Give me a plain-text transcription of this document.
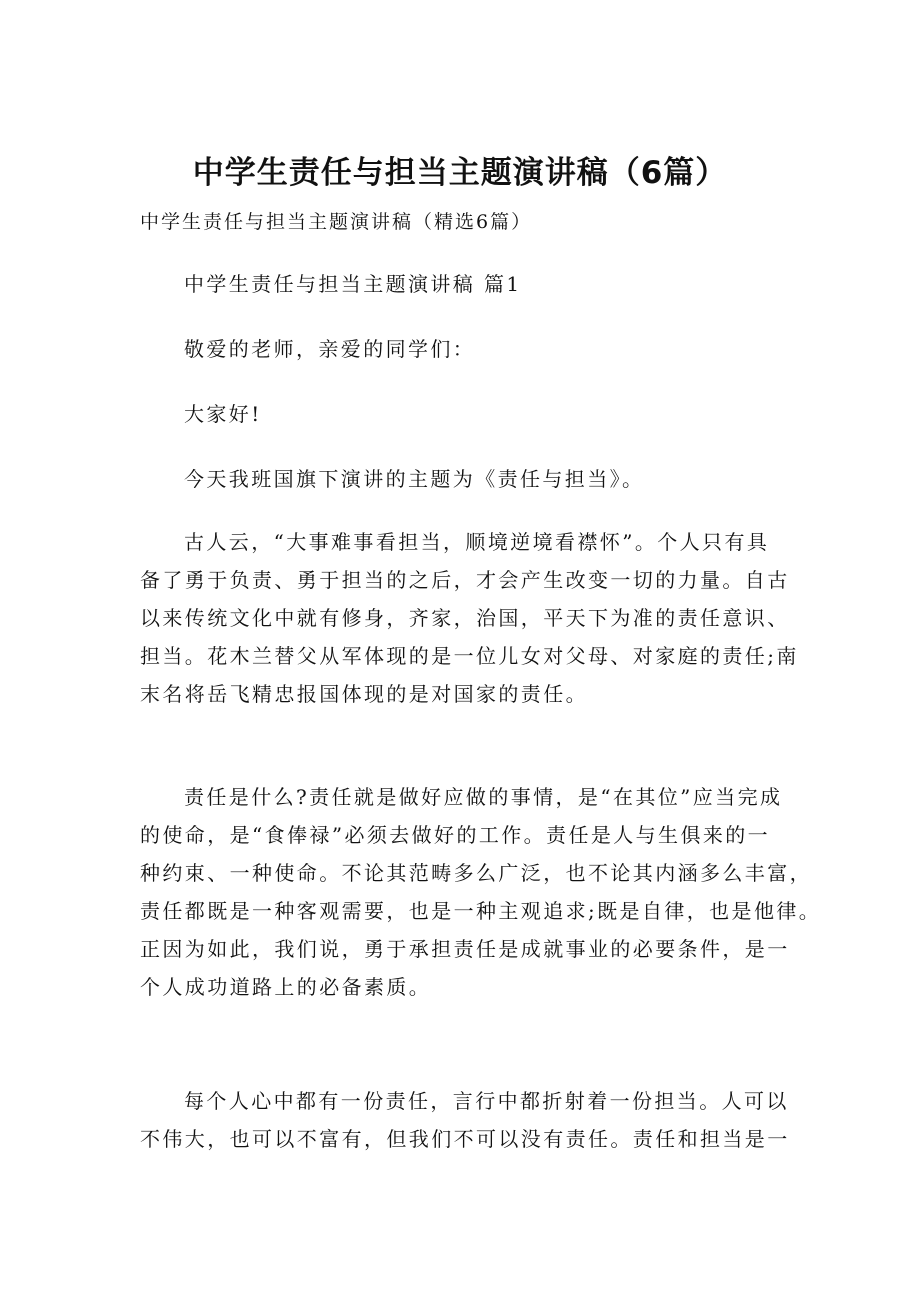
中学生责任与担当主题演讲稿（6篇）

中学生责任与担当主题演讲稿（精选6篇）

中学生责任与担当主题演讲稿 篇1

敬爱的老师，亲爱的同学们：

大家好!

今天我班国旗下演讲的主题为《责任与担当》。

古人云，“大事难事看担当，顺境逆境看襟怀”。个人只有具
备了勇于负责、勇于担当的之后，才会产生改变一切的力量。自古
以来传统文化中就有修身，齐家，治国，平天下为准的责任意识、
担当。花木兰替父从军体现的是一位儿女对父母、对家庭的责任;南
末名将岳飞精忠报国体现的是对国家的责任。

责任是什么?责任就是做好应做的事情，是“在其位”应当完成
的使命，是“食俸禄”必须去做好的工作。责任是人与生俱来的一
种约束、一种使命。不论其范畴多么广泛，也不论其内涵多么丰富，
责任都既是一种客观需要，也是一种主观追求;既是自律，也是他律。
正因为如此，我们说，勇于承担责任是成就事业的必要条件，是一
个人成功道路上的必备素质。

每个人心中都有一份责任，言行中都折射着一份担当。人可以
不伟大，也可以不富有，但我们不可以没有责任。责任和担当是一
